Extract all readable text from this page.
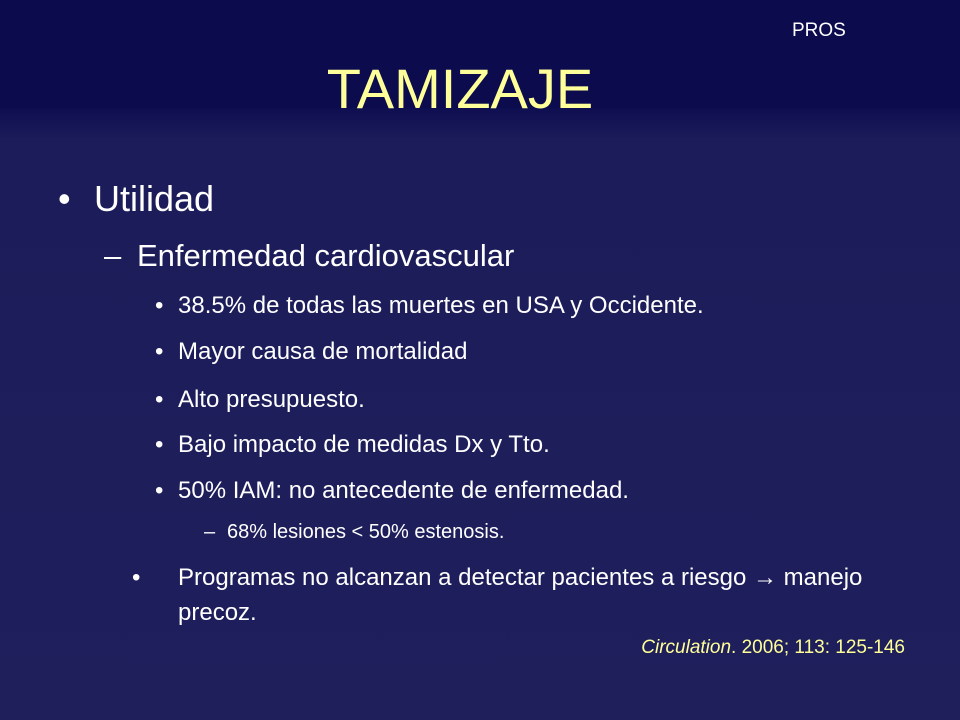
PROS
TAMIZAJE
• Utilidad
– Enfermedad cardiovascular
• 38.5% de todas las muertes en USA y Occidente.
• Mayor causa de mortalidad
• Alto presupuesto.
• Bajo impacto de medidas Dx y Tto.
• 50% IAM: no antecedente de enfermedad.
– 68% lesiones < 50% estenosis.
• Programas no alcanzan a detectar pacientes a riesgo → manejo precoz.
Circulation. 2006; 113: 125-146
